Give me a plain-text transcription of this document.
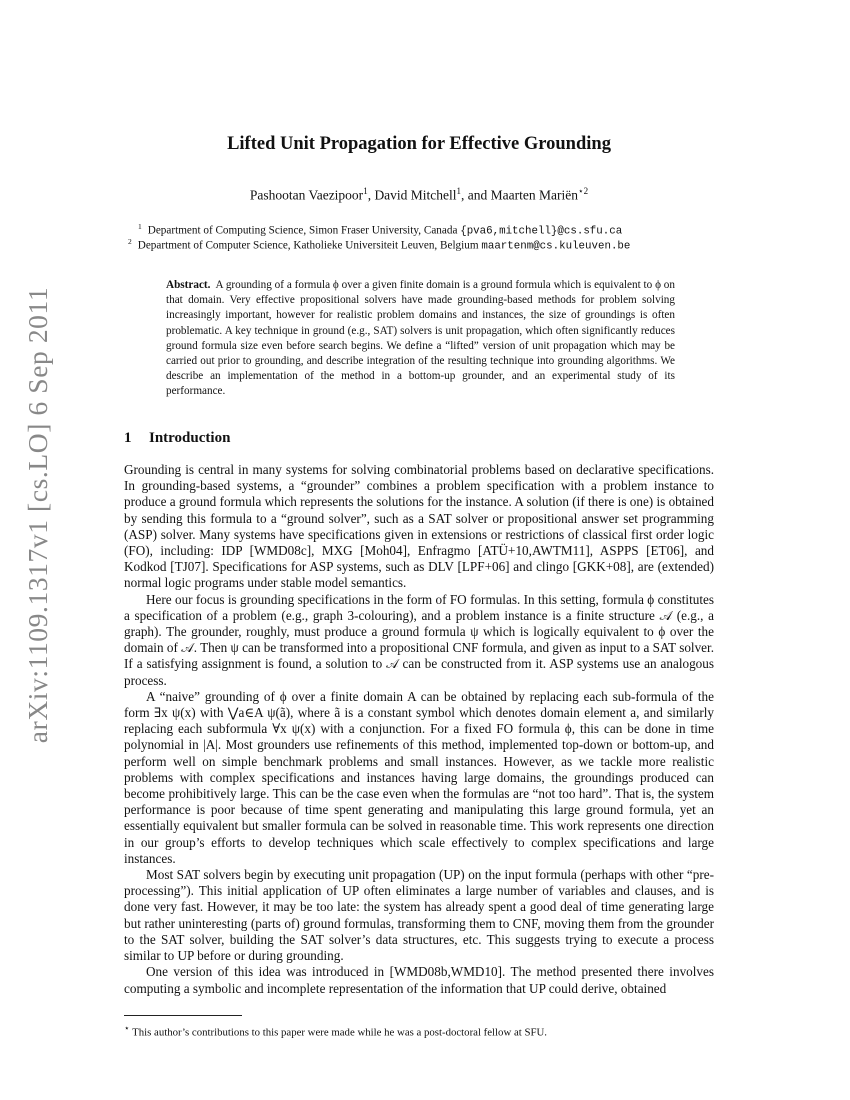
arXiv:1109.1317v1 [cs.LO] 6 Sep 2011
Lifted Unit Propagation for Effective Grounding
Pashootan Vaezipoor$^1$, David Mitchell$^1$, and Maarten Mariën$^{⋆2}$
$^1$ Department of Computing Science, Simon Fraser University, Canada {pva6,mitchell}@cs.sfu.ca
$^2$ Department of Computer Science, Katholieke Universiteit Leuven, Belgium maartenm@cs.kuleuven.be

Abstract. A grounding of a formula ϕ over a given finite domain is a ground formula which is equivalent to ϕ on that domain. Very effective propositional solvers have made grounding-based methods for problem solving increasingly important, however for realistic problem domains and instances, the size of groundings is often problematic. A key technique in ground (e.g., SAT) solvers is unit propagation, which often significantly reduces ground formula size even before search begins. We define a “lifted” version of unit propagation which may be carried out prior to grounding, and describe integration of the resulting technique into grounding algorithms. We describe an implementation of the method in a bottom-up grounder, and an experimental study of its performance.

1 Introduction

Grounding is central in many systems for solving combinatorial problems based on declarative specifications. In grounding-based systems, a “grounder” combines a problem specification with a problem instance to produce a ground formula which represents the solutions for the instance. A solution (if there is one) is obtained by sending this formula to a “ground solver”, such as a SAT solver or propositional answer set programming (ASP) solver. Many systems have specifications given in extensions or restrictions of classical first order logic (FO), including: IDP [WMD08c], MXG [Moh04], Enfragmo [ATÜ+10,AWTM11], ASPPS [ET06], and Kodkod [TJ07]. Specifications for ASP systems, such as DLV [LPF+06] and clingo [GKK+08], are (extended) normal logic programs under stable model semantics.

Here our focus is grounding specifications in the form of FO formulas. In this setting, formula ϕ constitutes a specification of a problem (e.g., graph 3-colouring), and a problem instance is a finite structure 𝒜 (e.g., a graph). The grounder, roughly, must produce a ground formula ψ which is logically equivalent to ϕ over the domain of 𝒜. Then ψ can be transformed into a propositional CNF formula, and given as input to a SAT solver. If a satisfying assignment is found, a solution to 𝒜 can be constructed from it. ASP systems use an analogous process.

A “naive” grounding of ϕ over a finite domain A can be obtained by replacing each sub-formula of the form ∃x ψ(x) with ⋁a∈A ψ(ã), where ã is a constant symbol which denotes domain element a, and similarly replacing each subformula ∀x ψ(x) with a conjunction. For a fixed FO formula ϕ, this can be done in time polynomial in |A|. Most grounders use refinements of this method, implemented top-down or bottom-up, and perform well on simple benchmark problems and small instances. However, as we tackle more realistic problems with complex specifications and instances having large domains, the groundings produced can become prohibitively large. This can be the case even when the formulas are “not too hard”. That is, the system performance is poor because of time spent generating and manipulating this large ground formula, yet an essentially equivalent but smaller formula can be solved in reasonable time. This work represents one direction in our group’s efforts to develop techniques which scale effectively to complex specifications and large instances.

Most SAT solvers begin by executing unit propagation (UP) on the input formula (perhaps with other “pre-processing”). This initial application of UP often eliminates a large number of variables and clauses, and is done very fast. However, it may be too late: the system has already spent a good deal of time generating large but rather uninteresting (parts of) ground formulas, transforming them to CNF, moving them from the grounder to the SAT solver, building the SAT solver’s data structures, etc. This suggests trying to execute a process similar to UP before or during grounding.

One version of this idea was introduced in [WMD08b,WMD10]. The method presented there involves computing a symbolic and incomplete representation of the information that UP could derive, obtained

⋆ This author’s contributions to this paper were made while he was a post-doctoral fellow at SFU.
